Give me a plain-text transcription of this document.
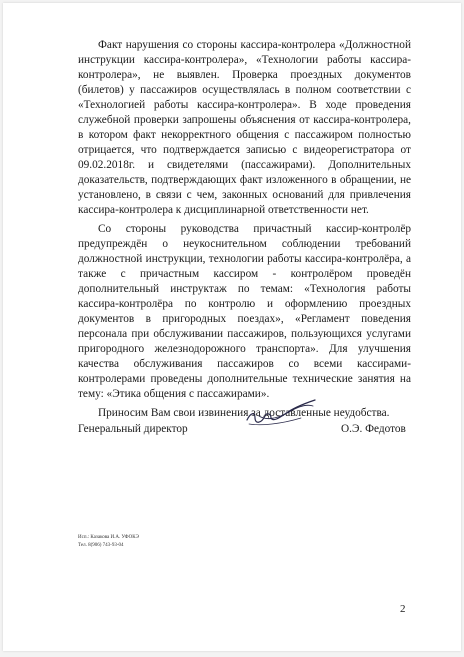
Факт нарушения со стороны кассира-контролера «Должностной инструкции кассира-контролера», «Технологии работы кассира-контролера», не выявлен. Проверка проездных документов (билетов) у пассажиров осуществлялась в полном соответствии с «Технологией работы кассира-контролера». В ходе проведения служебной проверки запрошены объяснения от кассира-контролера, в котором факт некорректного общения с пассажиром полностью отрицается, что подтверждается записью с видеорегистратора от 09.02.2018г. и свидетелями (пассажирами). Дополнительных доказательств, подтверждающих факт изложенного в обращении, не установлено, в связи с чем, законных оснований для привлечения кассира-контролера к дисциплинарной ответственности нет.

Со стороны руководства причастный кассир-контролёр предупреждён о неукоснительном соблюдении требований должностной инструкции, технологии работы кассира-контролёра, а также с причастным кассиром - контролёром проведён дополнительный инструктаж по темам: «Технология работы кассира-контролёра по контролю и оформлению проездных документов в пригородных поездах», «Регламент поведения персонала при обслуживании пассажиров, пользующихся услугами пригородного железнодорожного транспорта». Для улучшения качества обслуживания пассажиров со всеми кассирами-контролерами проведены дополнительные технические занятия на тему: «Этика общения с пассажирами».

Приносим Вам свои извинения за доставленные неудобства.

Генеральный директор	О.Э. Федотов
Исп.: Казакова И.А. УФОКЭ
Тел. 8(906) 743-93-04
2
